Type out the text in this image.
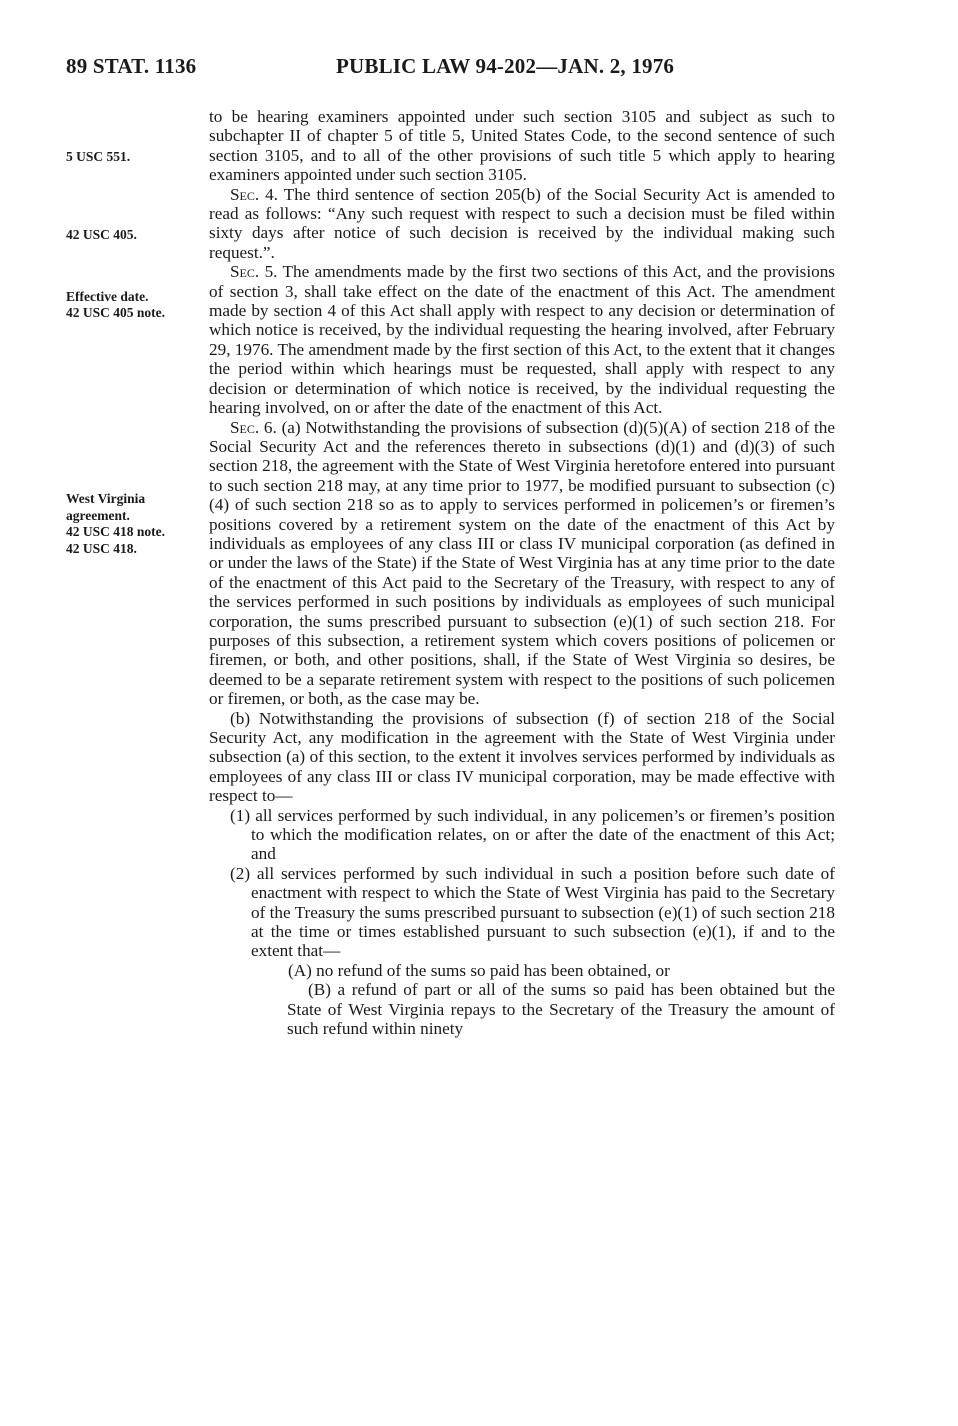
89 STAT. 1136	PUBLIC LAW 94-202—JAN. 2, 1976
5 USC 551.
42 USC 405.
Effective date.
42 USC 405 note.
West Virginia
agreement.
42 USC 418 note.
42 USC 418.

to be hearing examiners appointed under such section 3105 and subject as such to subchapter II of chapter 5 of title 5, United States Code, to the second sentence of such section 3105, and to all of the other provisions of such title 5 which apply to hearing examiners appointed under such section 3105.

Sec. 4. The third sentence of section 205(b) of the Social Security Act is amended to read as follows: “Any such request with respect to such a decision must be filed within sixty days after notice of such decision is received by the individual making such request.”.

Sec. 5. The amendments made by the first two sections of this Act, and the provisions of section 3, shall take effect on the date of the enactment of this Act. The amendment made by section 4 of this Act shall apply with respect to any decision or determination of which notice is received, by the individual requesting the hearing involved, after February 29, 1976. The amendment made by the first section of this Act, to the extent that it changes the period within which hearings must be requested, shall apply with respect to any decision or determination of which notice is received, by the individual requesting the hearing involved, on or after the date of the enactment of this Act.

Sec. 6. (a) Notwithstanding the provisions of subsection (d)(5)(A) of section 218 of the Social Security Act and the references thereto in subsections (d)(1) and (d)(3) of such section 218, the agreement with the State of West Virginia heretofore entered into pursuant to such section 218 may, at any time prior to 1977, be modified pursuant to subsection (c)(4) of such section 218 so as to apply to services performed in policemen’s or firemen’s positions covered by a retirement system on the date of the enactment of this Act by individuals as employees of any class III or class IV municipal corporation (as defined in or under the laws of the State) if the State of West Virginia has at any time prior to the date of the enactment of this Act paid to the Secretary of the Treasury, with respect to any of the services performed in such positions by individuals as employees of such municipal corporation, the sums prescribed pursuant to subsection (e)(1) of such section 218. For purposes of this subsection, a retirement system which covers positions of policemen or firemen, or both, and other positions, shall, if the State of West Virginia so desires, be deemed to be a separate retirement system with respect to the positions of such policemen or firemen, or both, as the case may be.

(b) Notwithstanding the provisions of subsection (f) of section 218 of the Social Security Act, any modification in the agreement with the State of West Virginia under subsection (a) of this section, to the extent it involves services performed by individuals as employees of any class III or class IV municipal corporation, may be made effective with respect to—

(1) all services performed by such individual, in any policemen’s or firemen’s position to which the modification relates, on or after the date of the enactment of this Act; and

(2) all services performed by such individual in such a position before such date of enactment with respect to which the State of West Virginia has paid to the Secretary of the Treasury the sums prescribed pursuant to subsection (e)(1) of such section 218 at the time or times established pursuant to such subsection (e)(1), if and to the extent that—

(A) no refund of the sums so paid has been obtained, or

(B) a refund of part or all of the sums so paid has been obtained but the State of West Virginia repays to the Secretary of the Treasury the amount of such refund within ninety
